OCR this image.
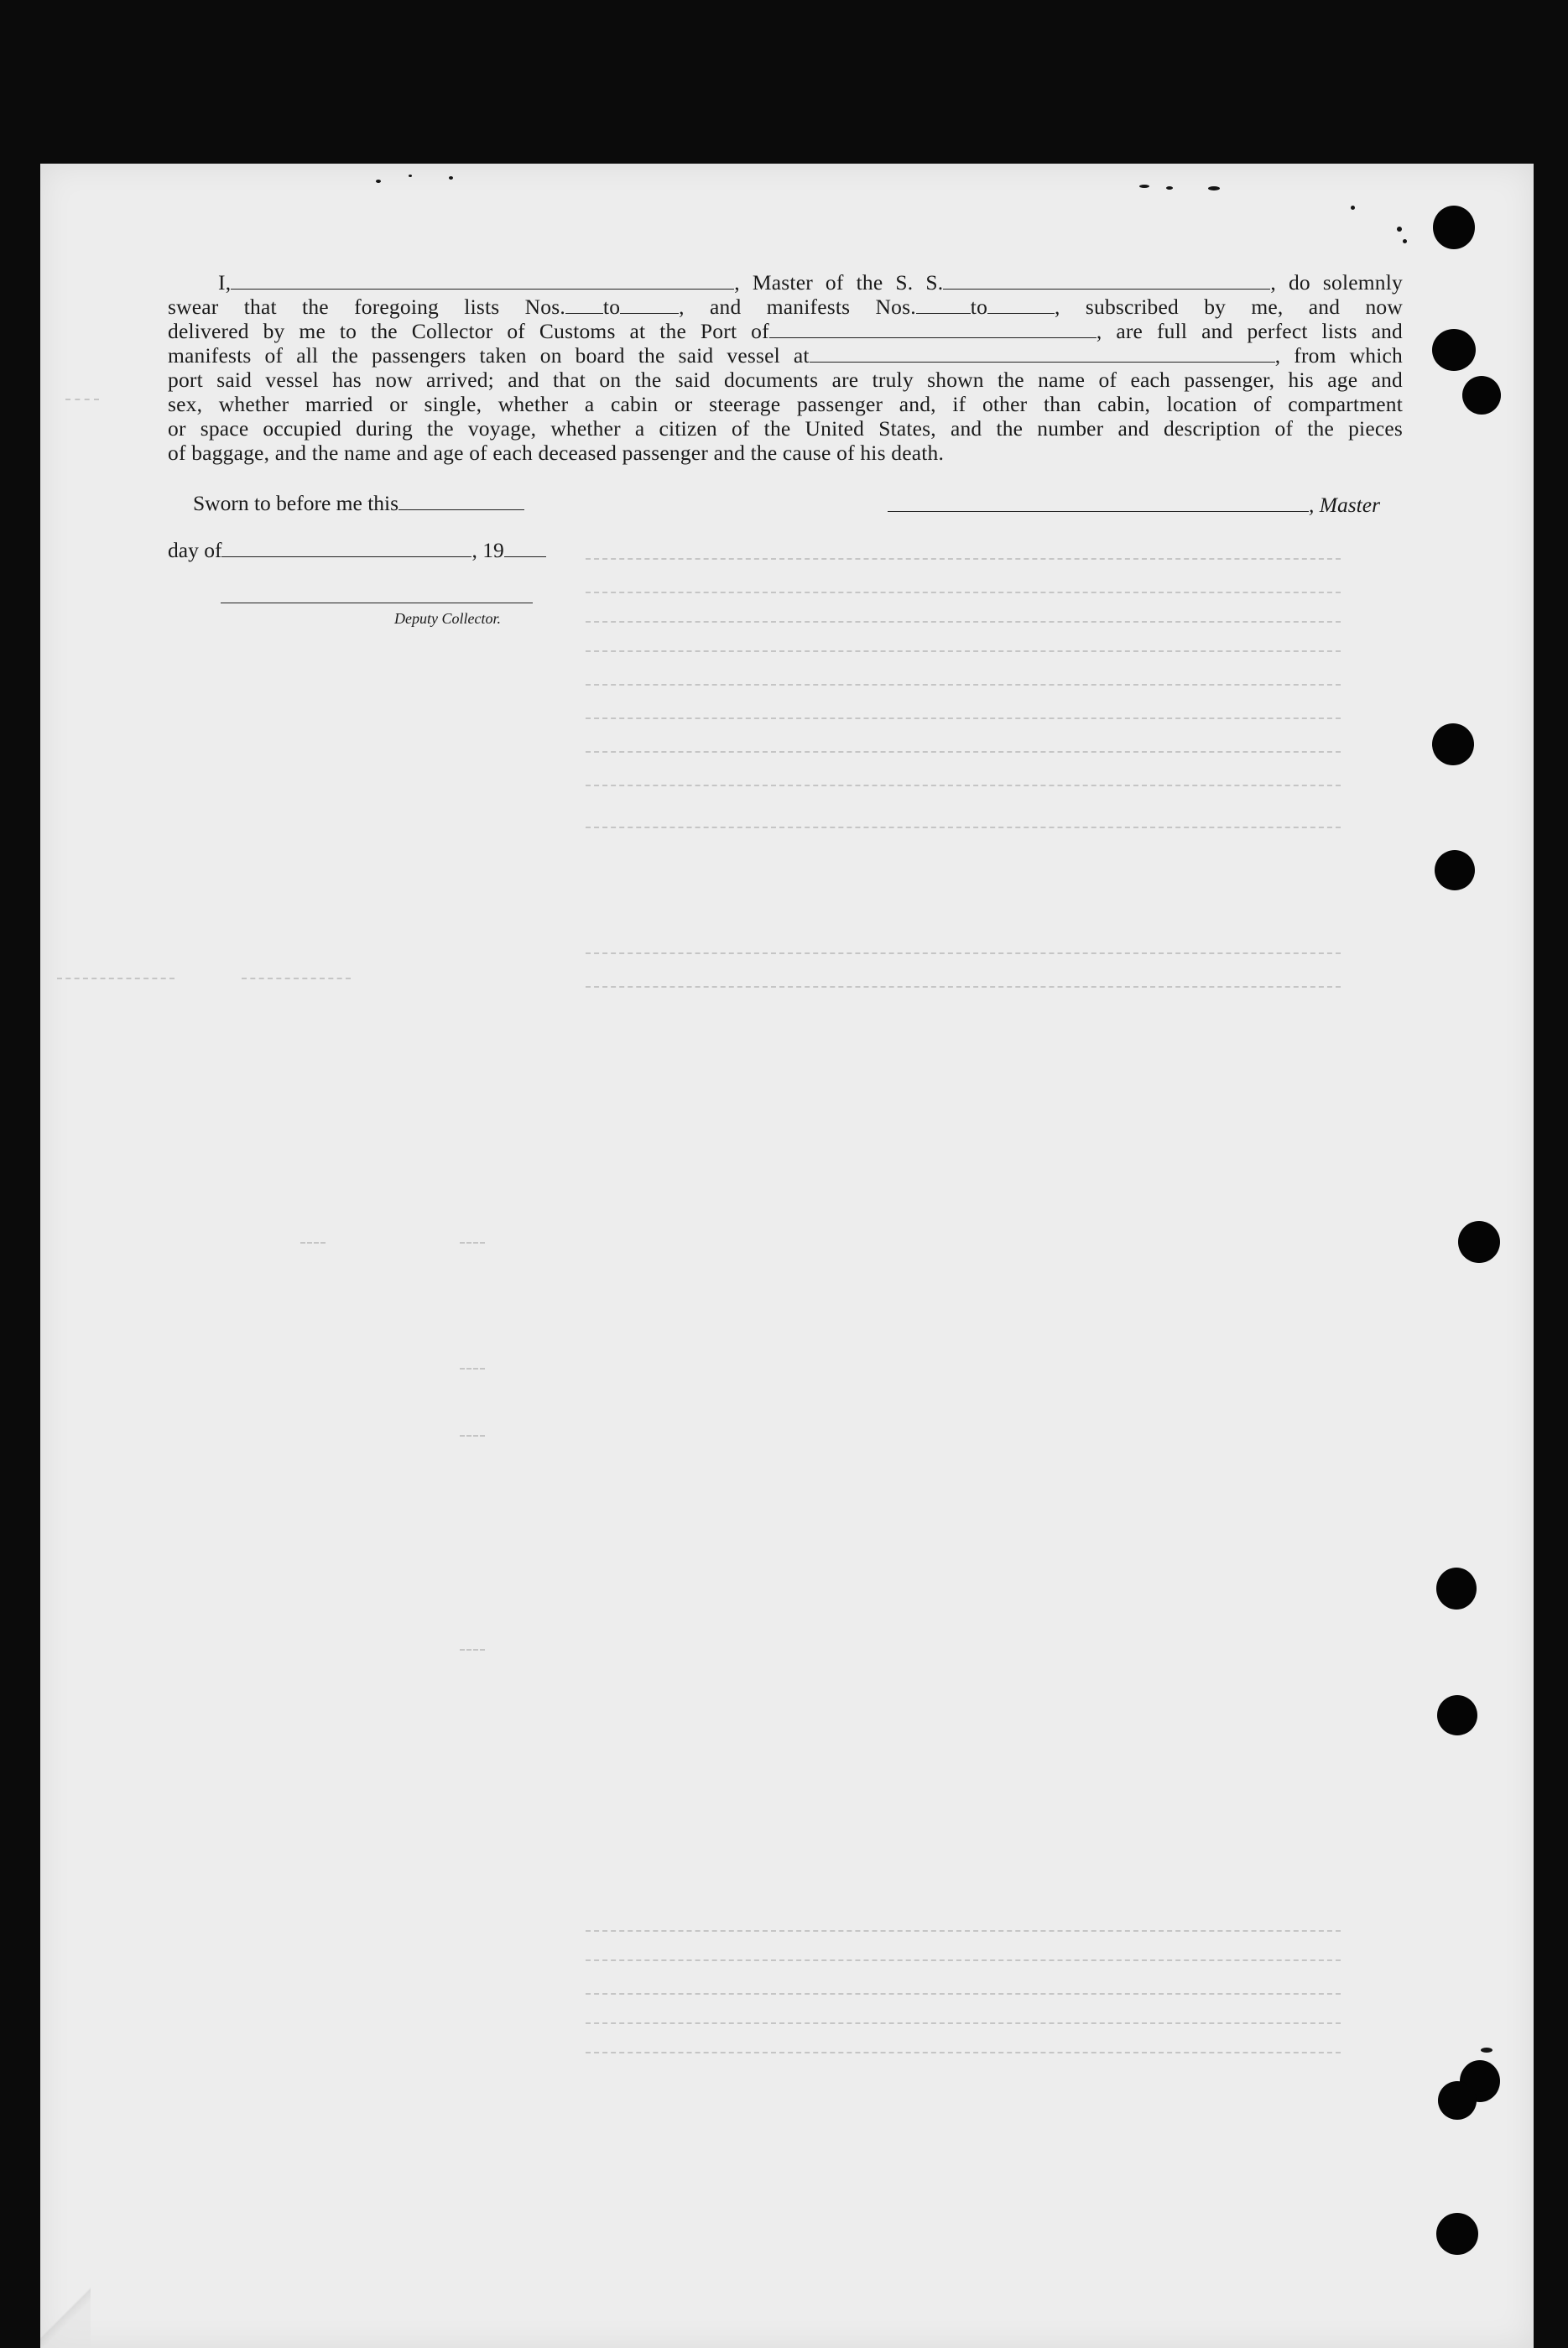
I,	, Master of the S. S.	, do solemnly
swear that the foregoing lists Nos. to	, and manifests Nos.	to	, subscribed by me, and now
delivered by me to the Collector of Customs at the Port of	, are full and perfect lists and
manifests of all the passengers taken on board the said vessel at	, from which
port said vessel has now arrived; and that on the said documents are truly shown the name of each passenger, his age and
sex, whether married or single, whether a cabin or steerage passenger and, if other than cabin, location of compartment
or space occupied during the voyage, whether a citizen of the United States, and the number and description of the pieces
of baggage, and the name and age of each deceased passenger and the cause of his death.
Sworn to before me this	, Master
day of	, 19
Deputy Collector.
